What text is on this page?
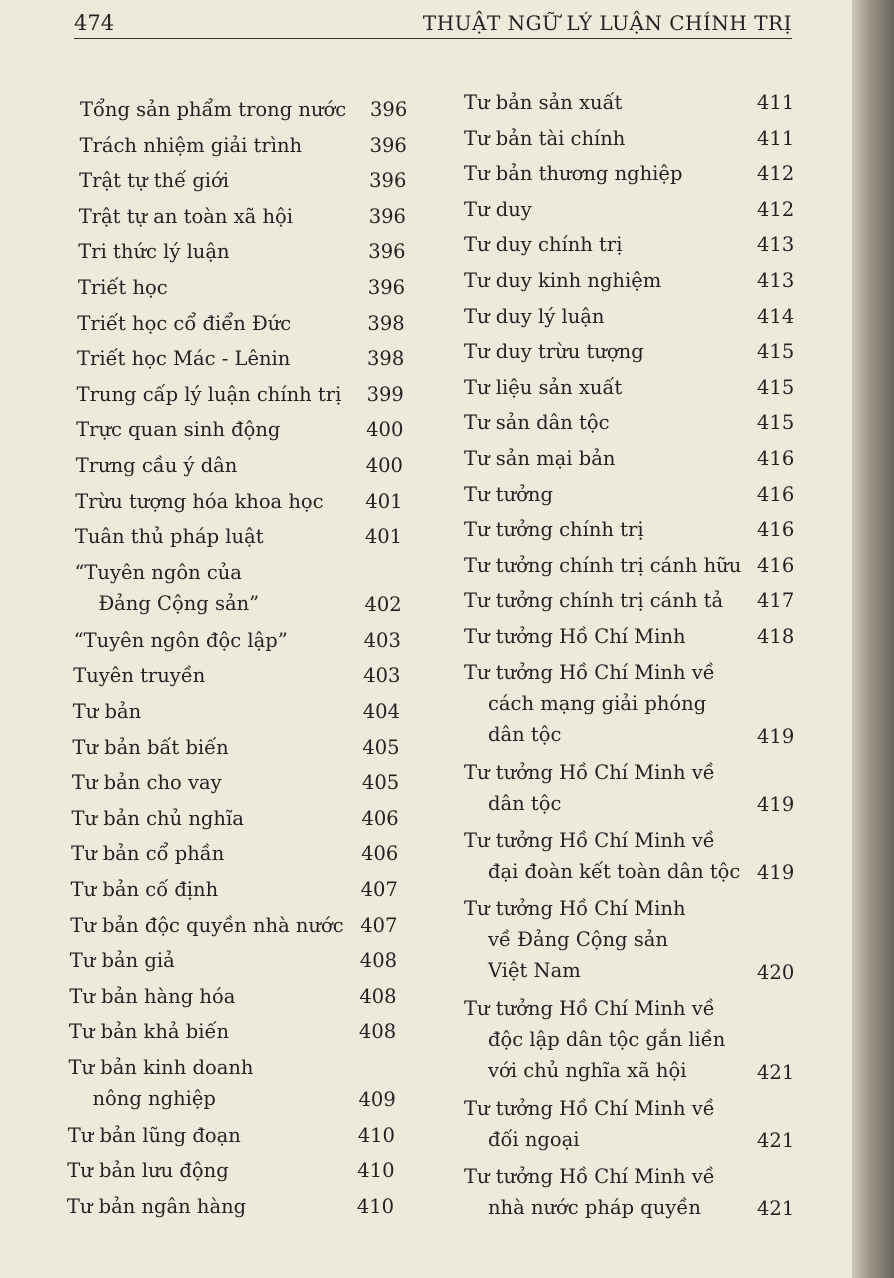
474	THUẬT NGỮ LÝ LUẬN CHÍNH TRỊ
Tổng sản phẩm trong nước 396
Trách nhiệm giải trình	396
Trật tự thế giới	396
Trật tự an toàn xã hội	396
Tri thức lý luận	396
Triết học	396
Triết học cổ điển Đức	398
Triết học Mác - Lênin	398
Trung cấp lý luận chính trị 399
Trực quan sinh động	400
Trưng cầu ý dân	400
Trừu tượng hóa khoa học 401
Tuân thủ pháp luật	401
“Tuyên ngôn của
Đảng Cộng sản”	402
“Tuyên ngôn độc lập”	403
Tuyên truyền	403
Tư bản	404
Tư bản bất biến	405
Tư bản cho vay	405
Tư bản chủ nghĩa	406
Tư bản cổ phần	406
Tư bản cố định	407
Tư bản độc quyền nhà nước 407
Tư bản giả	408
Tư bản hàng hóa	408
Tư bản khả biến	408
Tư bản kinh doanh
nông nghiệp	409
Tư bản lũng đoạn	410
Tư bản lưu động	410
Tư bản ngân hàng	410
Tư bản sản xuất	411
Tư bản tài chính	411
Tư bản thương nghiệp	412
Tư duy	412
Tư duy chính trị	413
Tư duy kinh nghiệm	413
Tư duy lý luận	414
Tư duy trừu tượng	415
Tư liệu sản xuất	415
Tư sản dân tộc	415
Tư sản mại bản	416
Tư tưởng	416
Tư tưởng chính trị	416
Tư tưởng chính trị cánh hữu 416
Tư tưởng chính trị cánh tả 417
Tư tưởng Hồ Chí Minh	418
Tư tưởng Hồ Chí Minh về
cách mạng giải phóng
dân tộc	419
Tư tưởng Hồ Chí Minh về
dân tộc	419
Tư tưởng Hồ Chí Minh về
đại đoàn kết toàn dân tộc 419
Tư tưởng Hồ Chí Minh
về Đảng Cộng sản
Việt Nam	420
Tư tưởng Hồ Chí Minh về
độc lập dân tộc gắn liền
với chủ nghĩa xã hội	421
Tư tưởng Hồ Chí Minh về
đối ngoại	421
Tư tưởng Hồ Chí Minh về
nhà nước pháp quyền	421
